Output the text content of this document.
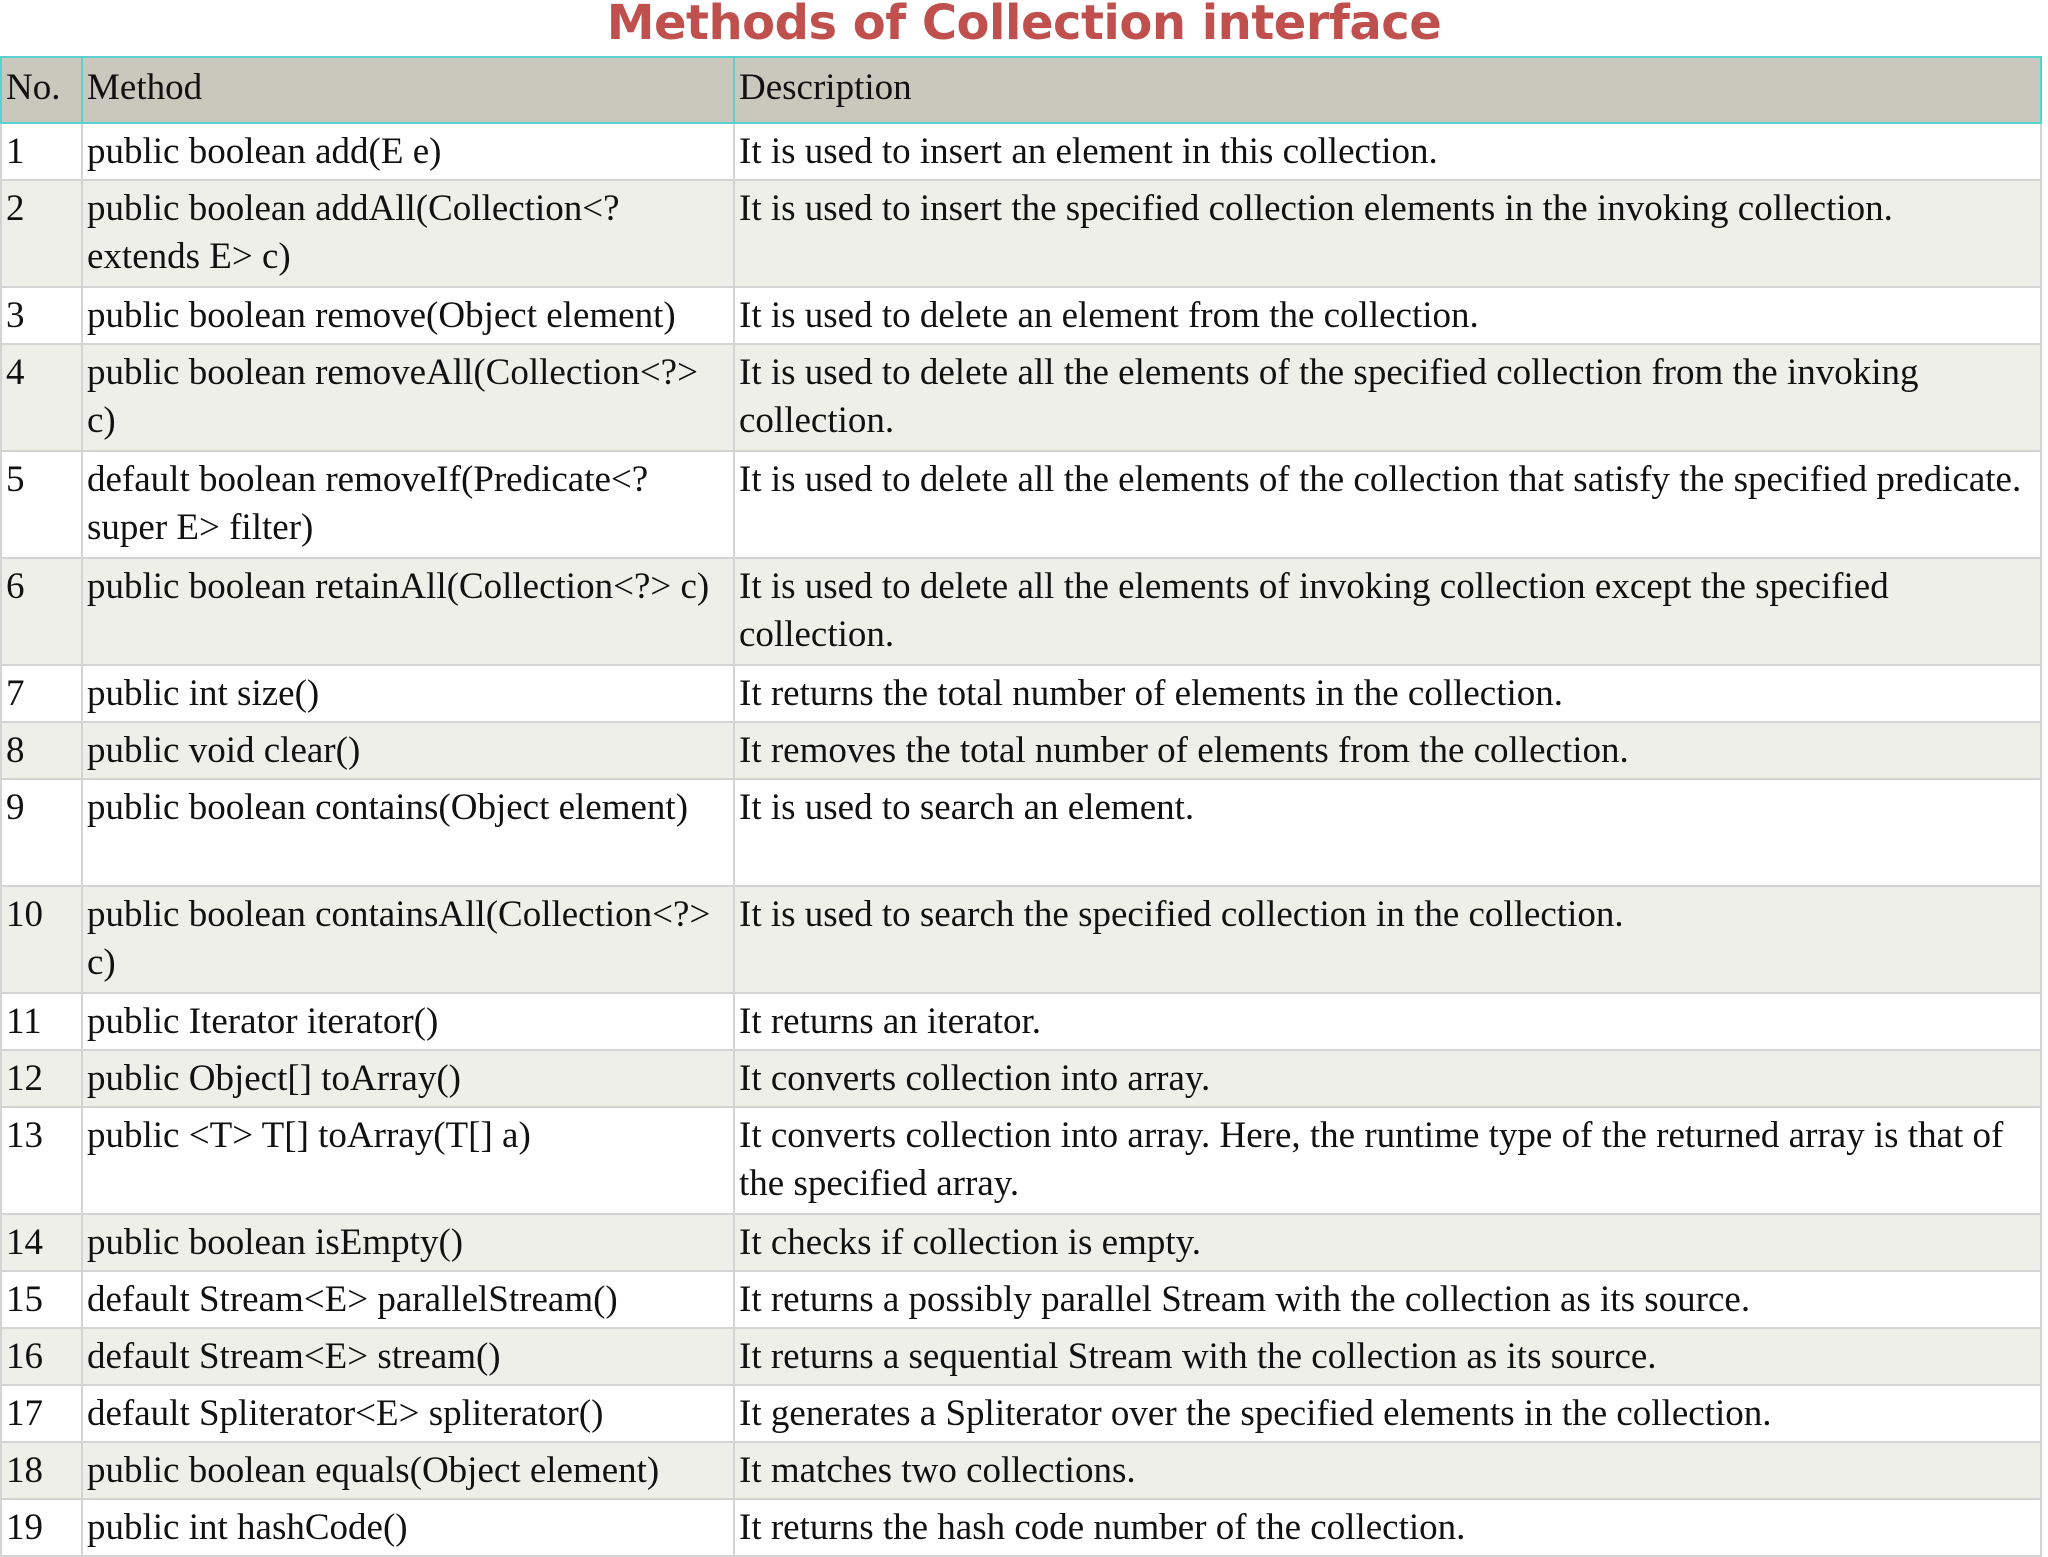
Methods of Collection interface
No.	Method	Description
1	public boolean add(E e)	It is used to insert an element in this collection.
2	public boolean addAll(Collection<? extends E> c)	It is used to insert the specified collection elements in the invoking collection.
3	public boolean remove(Object element)	It is used to delete an element from the collection.
4	public boolean removeAll(Collection<?> c)	It is used to delete all the elements of the specified collection from the invoking collection.
5	default boolean removeIf(Predicate<? super E> filter)	It is used to delete all the elements of the collection that satisfy the specified predicate.
6	public boolean retainAll(Collection<?> c)	It is used to delete all the elements of invoking collection except the specified collection.
7	public int size()	It returns the total number of elements in the collection.
8	public void clear()	It removes the total number of elements from the collection.
9	public boolean contains(Object element)	It is used to search an element.
10	public boolean containsAll(Collection<?> c)	It is used to search the specified collection in the collection.
11	public Iterator iterator()	It returns an iterator.
12	public Object[] toArray()	It converts collection into array.
13	public <T> T[] toArray(T[] a)	It converts collection into array. Here, the runtime type of the returned array is that of the specified array.
14	public boolean isEmpty()	It checks if collection is empty.
15	default Stream<E> parallelStream()	It returns a possibly parallel Stream with the collection as its source.
16	default Stream<E> stream()	It returns a sequential Stream with the collection as its source.
17	default Spliterator<E> spliterator()	It generates a Spliterator over the specified elements in the collection.
18	public boolean equals(Object element)	It matches two collections.
19	public int hashCode()	It returns the hash code number of the collection.
